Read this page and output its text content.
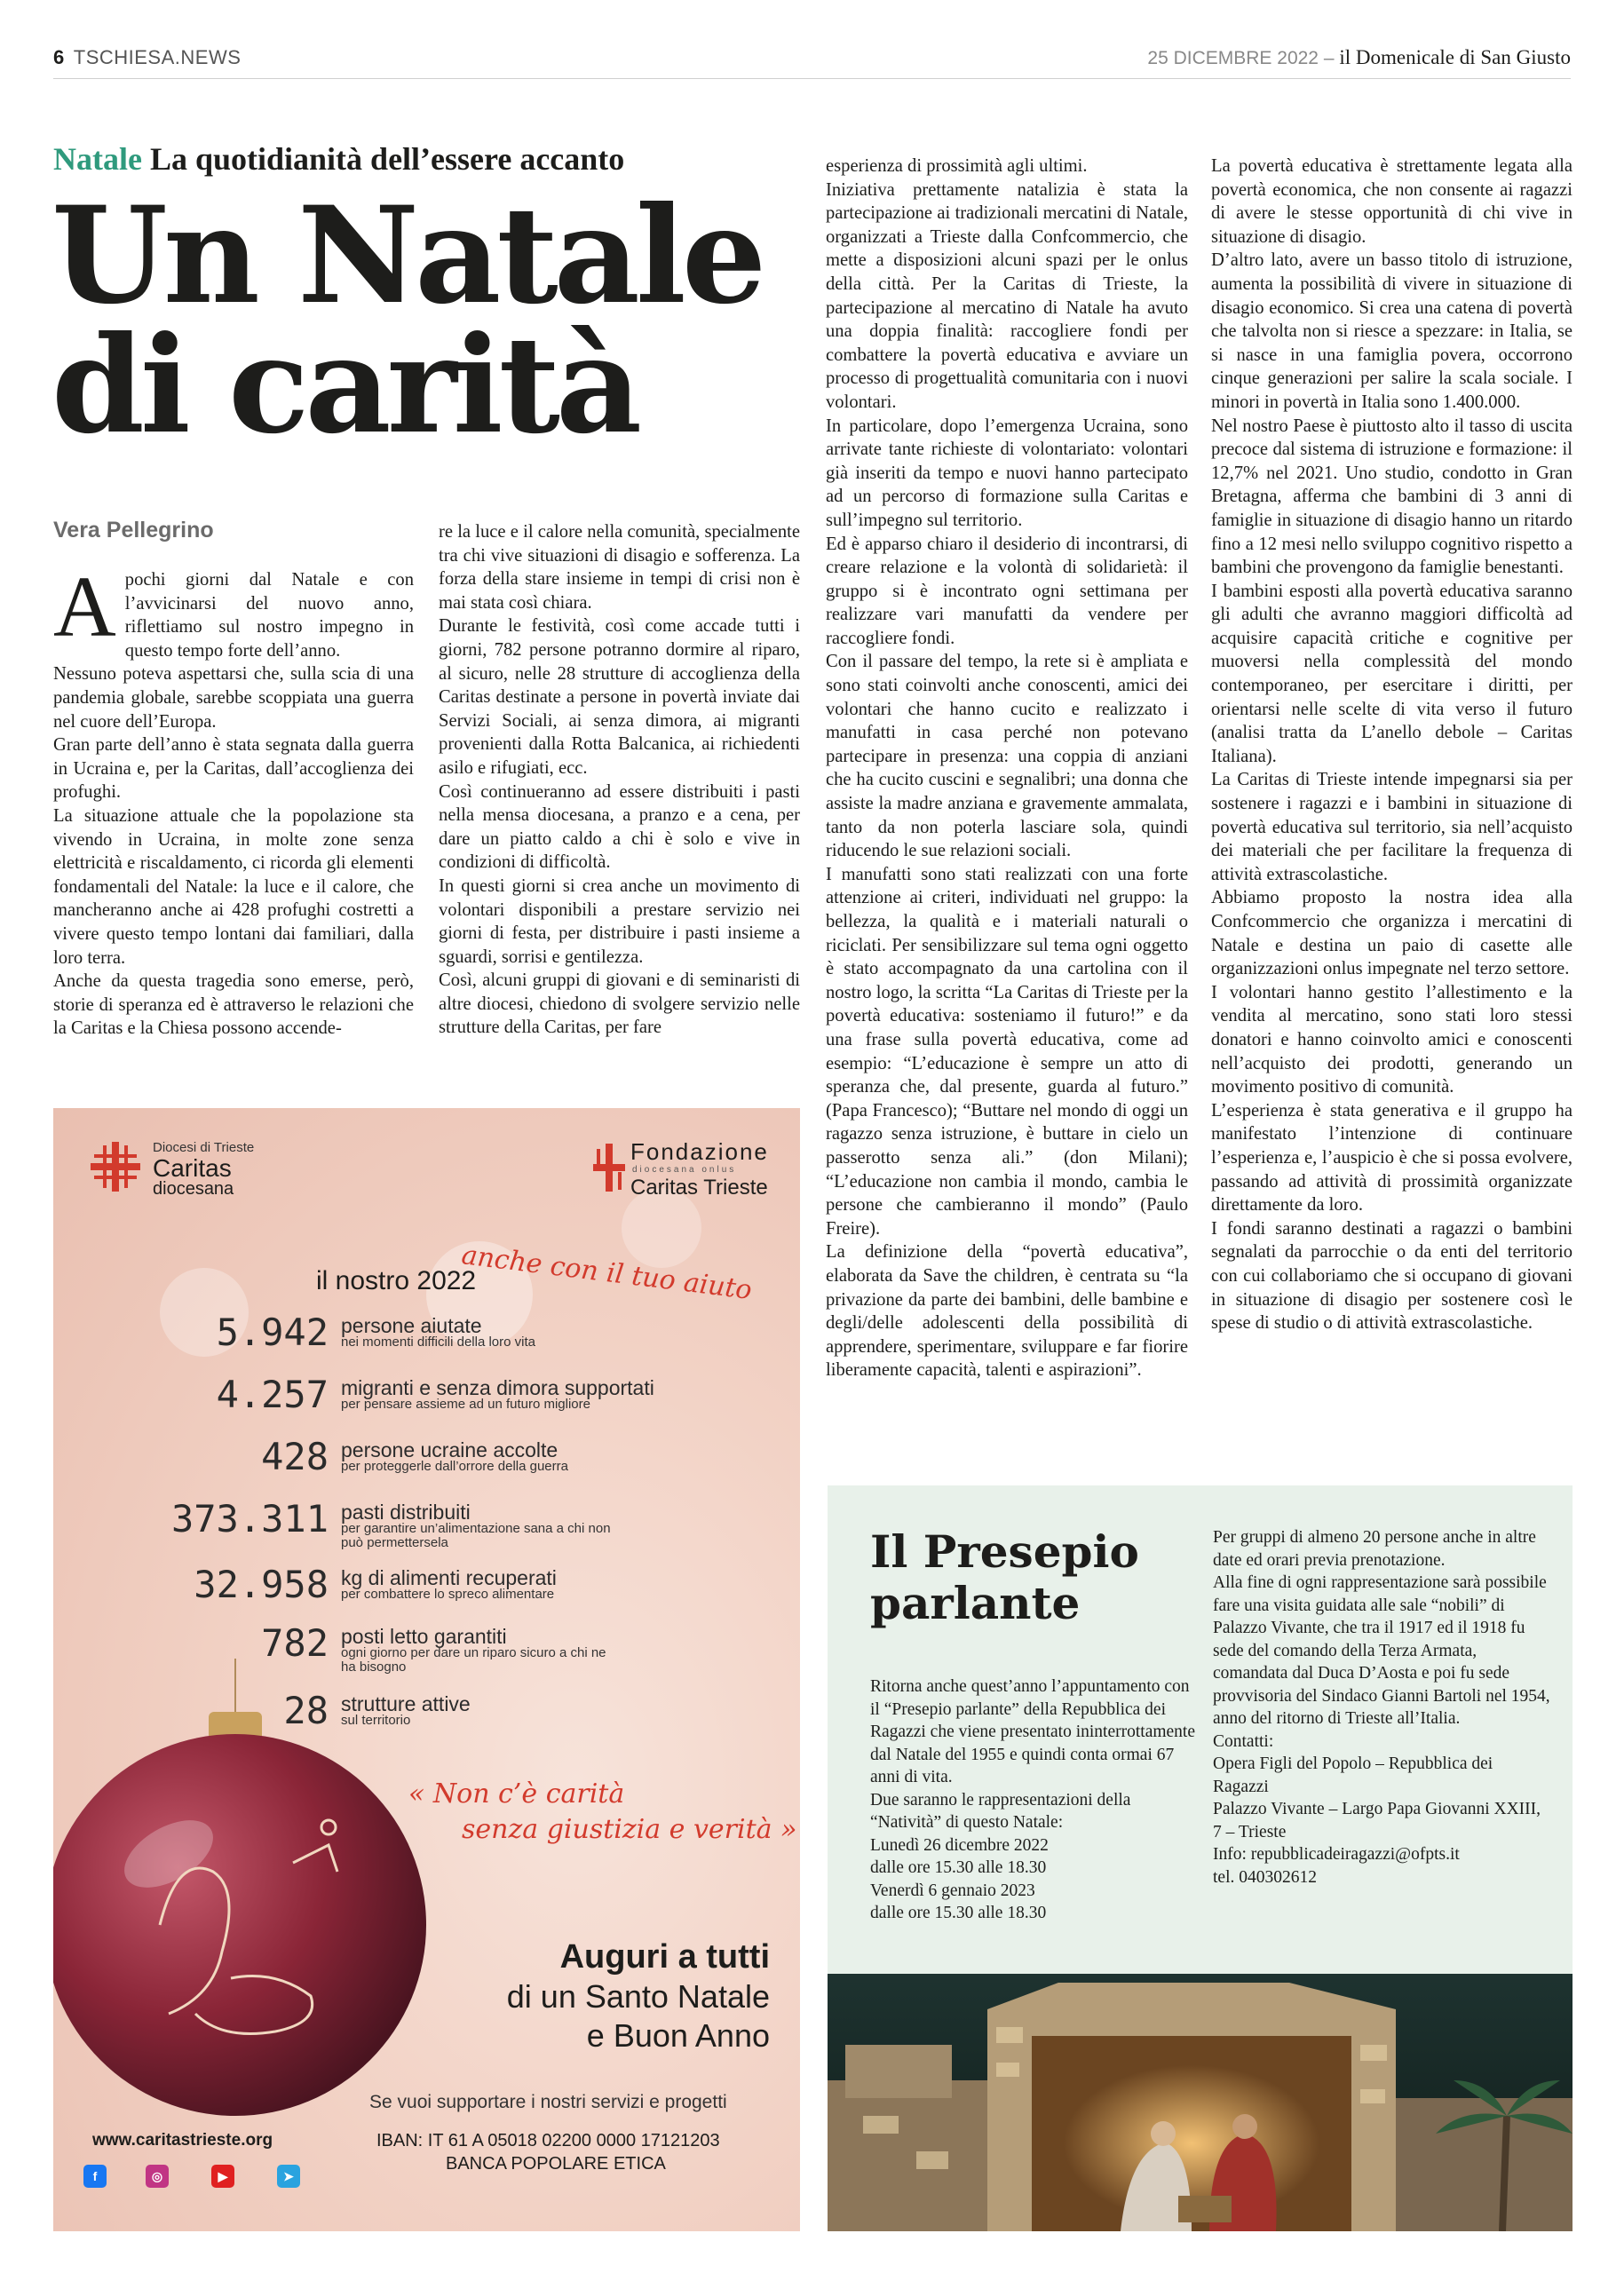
6 TSCHIESA.NEWS	25 DICEMBRE 2022 – il Domenicale di San Giusto
Natale La quotidianità dell’essere accanto
Un Natale
di carità
Vera Pellegrino
A pochi giorni dal Natale e con l’avvicinarsi del nuovo anno, riflettiamo sul nostro impegno in questo tempo forte dell’anno.

Nessuno poteva aspettarsi che, sulla scia di una pandemia globale, sarebbe scoppiata una guerra nel cuore dell’Europa.

Gran parte dell’anno è stata segnata dalla guerra in Ucraina e, per la Caritas, dall’accoglienza dei profughi.

La situazione attuale che la popolazione sta vivendo in Ucraina, in molte zone senza elettricità e riscaldamento, ci ricorda gli elementi fondamentali del Natale: la luce e il calore, che mancheranno anche ai 428 profughi costretti a vivere questo tempo lontani dai familiari, dalla loro terra.

Anche da questa tragedia sono emerse, però, storie di speranza ed è attraverso le relazioni che la Caritas e la Chiesa possono accende-

re la luce e il calore nella comunità, specialmente tra chi vive situazioni di disagio e sofferenza. La forza della stare insieme in tempi di crisi non è mai stata così chiara.

Durante le festività, così come accade tutti i giorni, 782 persone potranno dormire al riparo, al sicuro, nelle 28 strutture di accoglienza della Caritas destinate a persone in povertà inviate dai Servizi Sociali, ai senza dimora, ai migranti provenienti dalla Rotta Balcanica, ai richiedenti asilo e rifugiati, ecc.

Così continueranno ad essere distribuiti i pasti nella mensa diocesana, a pranzo e a cena, per dare un piatto caldo a chi è solo e vive in condizioni di difficoltà.

In questi giorni si crea anche un movimento di volontari disponibili a prestare servizio nei giorni di festa, per distribuire i pasti insieme a sguardi, sorrisi e gentilezza.

Così, alcuni gruppi di giovani e di seminaristi di altre diocesi, chiedono di svolgere servizio nelle strutture della Caritas, per fare

esperienza di prossimità agli ultimi.

Iniziativa prettamente natalizia è stata la partecipazione ai tradizionali mercatini di Natale, organizzati a Trieste dalla Confcommercio, che mette a disposizioni alcuni spazi per le onlus della città. Per la Caritas di Trieste, la partecipazione al mercatino di Natale ha avuto una doppia finalità: raccogliere fondi per combattere la povertà educativa e avviare un processo di progettualità comunitaria con i nuovi volontari.

In particolare, dopo l’emergenza Ucraina, sono arrivate tante richieste di volontariato: volontari già inseriti da tempo e nuovi hanno partecipato ad un percorso di formazione sulla Caritas e sull’impegno sul territorio.

Ed è apparso chiaro il desiderio di incontrarsi, di creare relazione e la volontà di solidarietà: il gruppo si è incontrato ogni settimana per realizzare vari manufatti da vendere per raccogliere fondi.

Con il passare del tempo, la rete si è ampliata e sono stati coinvolti anche conoscenti, amici dei volontari che hanno cucito e realizzato i manufatti in casa perché non potevano partecipare in presenza: una coppia di anziani che ha cucito cuscini e segnalibri; una donna che assiste la madre anziana e gravemente ammalata, tanto da non poterla lasciare sola, quindi riducendo le sue relazioni sociali.

I manufatti sono stati realizzati con una forte attenzione ai criteri, individuati nel gruppo: la bellezza, la qualità e i materiali naturali o riciclati. Per sensibilizzare sul tema ogni oggetto è stato accompagnato da una cartolina con il nostro logo, la scritta “La Caritas di Trieste per la povertà educativa: sosteniamo il futuro!” e da una frase sulla povertà educativa, come ad esempio: “L’educazione è sempre un atto di speranza che, dal presente, guarda al futuro.” (Papa Francesco); “Buttare nel mondo di oggi un ragazzo senza istruzione, è buttare in cielo un passerotto senza ali.” (don Milani); “L’educazione non cambia il mondo, cambia le persone che cambieranno il mondo” (Paulo Freire).

La definizione della “povertà educativa”, elaborata da Save the children, è centrata su “la privazione da parte dei bambini, delle bambine e degli/delle adolescenti della possibilità di apprendere, sperimentare, sviluppare e far fiorire liberamente capacità, talenti e aspirazioni”.

La povertà educativa è strettamente legata alla povertà economica, che non consente ai ragazzi di avere le stesse opportunità di chi vive in situazione di disagio.

D’altro lato, avere un basso titolo di istruzione, aumenta la possibilità di vivere in situazione di disagio economico. Si crea una catena di povertà che talvolta non si riesce a spezzare: in Italia, se si nasce in una famiglia povera, occorrono cinque generazioni per salire la scala sociale. I minori in povertà in Italia sono 1.400.000.

Nel nostro Paese è piuttosto alto il tasso di uscita precoce dal sistema di istruzione e formazione: il 12,7% nel 2021. Uno studio, condotto in Gran Bretagna, afferma che bambini di 3 anni di famiglie in situazione di disagio hanno un ritardo fino a 12 mesi nello sviluppo cognitivo rispetto a bambini che provengono da famiglie benestanti.

I bambini esposti alla povertà educativa saranno gli adulti che avranno maggiori difficoltà ad acquisire capacità critiche e cognitive per muoversi nella complessità del mondo contemporaneo, per esercitare i diritti, per orientarsi nelle scelte di vita verso il futuro (analisi tratta da L’anello debole – Caritas Italiana).

La Caritas di Trieste intende impegnarsi sia per sostenere i ragazzi e i bambini in situazione di povertà educativa sul territorio, sia nell’acquisto dei materiali che per facilitare la frequenza di attività extrascolastiche.

Abbiamo proposto la nostra idea alla Confcommercio che organizza i mercatini di Natale e destina un paio di casette alle organizzazioni onlus impegnate nel terzo settore.

I volontari hanno gestito l’allestimento e la vendita al mercatino, sono stati loro stessi donatori e hanno coinvolto amici e conoscenti nell’acquisto dei prodotti, generando un movimento positivo di comunità.

L’esperienza è stata generativa e il gruppo ha manifestato l’intenzione di continuare l’esperienza e, l’auspicio è che si possa evolvere, passando ad attività di prossimità organizzate direttamente da loro.

I fondi saranno destinati a ragazzi o bambini segnalati da parrocchie o da enti del territorio con cui collaboriamo che si occupano di giovani in situazione di disagio per sostenere così le spese di studio o di attività extrascolastiche.

Diocesi di Trieste
Caritas
diocesana
Fondazione
diocesana onlus
Caritas Trieste
il nostro 2022
anche con il tuo aiuto
5.942 persone aiutate
nei momenti difficili della loro vita
4.257 migranti e senza dimora supportati
per pensare assieme ad un futuro migliore
428 persone ucraine accolte
per proteggerle dall’orrore della guerra
373.311 pasti distribuiti
per garantire un’alimentazione sana a chi non può permettersela
32.958 kg di alimenti recuperati
per combattere lo spreco alimentare
782 posti letto garantiti
ogni giorno per dare un riparo sicuro a chi ne ha bisogno
28 strutture attive
sul territorio
« Non c’è carità
senza giustizia e verità »
Auguri a tutti
di un Santo Natale
e Buon Anno
Se vuoi supportare i nostri servizi e progetti
www.caritastrieste.org	IBAN: IT 61 A 05018 02200 0000 17121203
BANCA POPOLARE ETICA
f	◎	▶	➤
Il Presepio
parlante

Ritorna anche quest’anno l’appuntamento con il “Presepio parlante” della Repubblica dei Ragazzi che viene presentato ininterrottamente dal Natale del 1955 e quindi conta ormai 67 anni di vita.

Due saranno le rappresentazioni della “Natività” di questo Natale:

Lunedì 26 dicembre 2022

dalle ore 15.30 alle 18.30

Venerdì 6 gennaio 2023

dalle ore 15.30 alle 18.30

Per gruppi di almeno 20 persone anche in altre date ed orari previa prenotazione.

Alla fine di ogni rappresentazione sarà possibile fare una visita guidata alle sale “nobili” di Palazzo Vivante, che tra il 1917 ed il 1918 fu sede del comando della Terza Armata, comandata dal Duca D’Aosta e poi fu sede provvisoria del Sindaco Gianni Bartoli nel 1954, anno del ritorno di Trieste all’Italia.

Contatti:

Opera Figli del Popolo – Repubblica dei Ragazzi

Palazzo Vivante – Largo Papa Giovanni XXIII, 7 – Trieste

Info: repubblicadeiragazzi@ofpts.it

tel. 040302612
